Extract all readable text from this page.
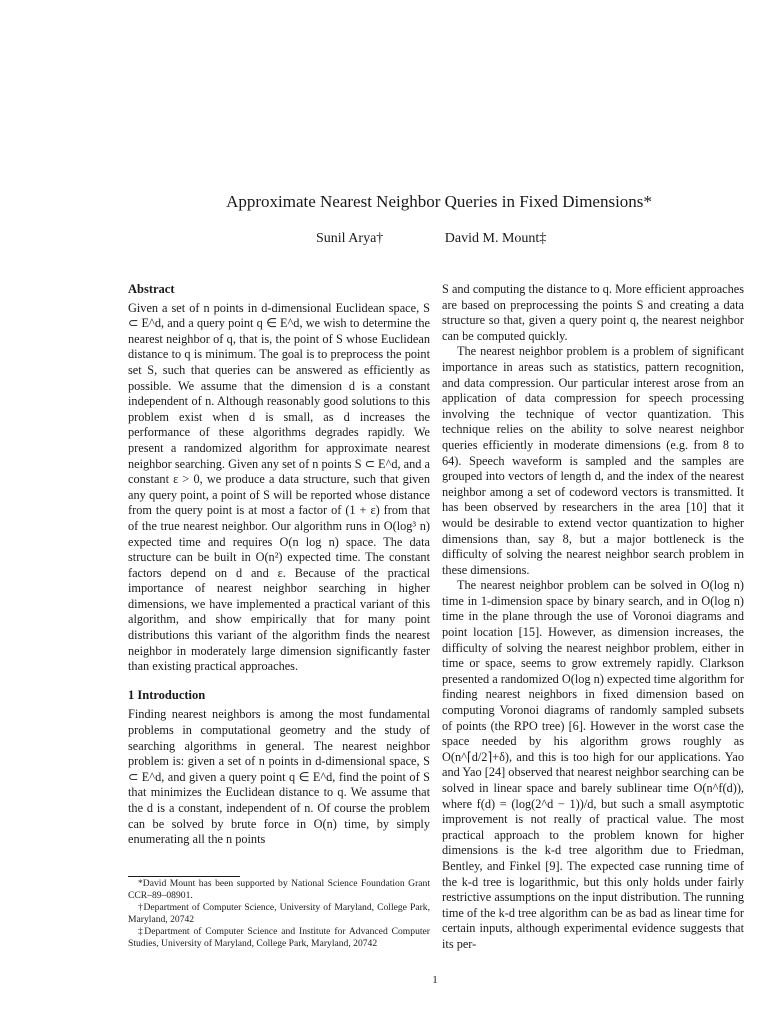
Approximate Nearest Neighbor Queries in Fixed Dimensions*
Sunil Arya†	David M. Mount‡
Abstract

Given a set of n points in d-dimensional Euclidean space, S ⊂ E^d, and a query point q ∈ E^d, we wish to determine the nearest neighbor of q, that is, the point of S whose Euclidean distance to q is minimum. The goal is to preprocess the point set S, such that queries can be answered as efficiently as possible. We assume that the dimension d is a constant independent of n. Although reasonably good solutions to this problem exist when d is small, as d increases the performance of these algorithms degrades rapidly. We present a randomized algorithm for approximate nearest neighbor searching. Given any set of n points S ⊂ E^d, and a constant ε > 0, we produce a data structure, such that given any query point, a point of S will be reported whose distance from the query point is at most a factor of (1 + ε) from that of the true nearest neighbor. Our algorithm runs in O(log³ n) expected time and requires O(n log n) space. The data structure can be built in O(n²) expected time. The constant factors depend on d and ε. Because of the practical importance of nearest neighbor searching in higher dimensions, we have implemented a practical variant of this algorithm, and show empirically that for many point distributions this variant of the algorithm finds the nearest neighbor in moderately large dimension significantly faster than existing practical approaches.

1 Introduction

Finding nearest neighbors is among the most fundamental problems in computational geometry and the study of searching algorithms in general. The nearest neighbor problem is: given a set of n points in d-dimensional space, S ⊂ E^d, and given a query point q ∈ E^d, find the point of S that minimizes the Euclidean distance to q. We assume that the d is a constant, independent of n. Of course the problem can be solved by brute force in O(n) time, by simply enumerating all the n points

S and computing the distance to q. More efficient approaches are based on preprocessing the points S and creating a data structure so that, given a query point q, the nearest neighbor can be computed quickly.

The nearest neighbor problem is a problem of significant importance in areas such as statistics, pattern recognition, and data compression. Our particular interest arose from an application of data compression for speech processing involving the technique of vector quantization. This technique relies on the ability to solve nearest neighbor queries efficiently in moderate dimensions (e.g. from 8 to 64). Speech waveform is sampled and the samples are grouped into vectors of length d, and the index of the nearest neighbor among a set of codeword vectors is transmitted. It has been observed by researchers in the area [10] that it would be desirable to extend vector quantization to higher dimensions than, say 8, but a major bottleneck is the difficulty of solving the nearest neighbor search problem in these dimensions.

The nearest neighbor problem can be solved in O(log n) time in 1-dimension space by binary search, and in O(log n) time in the plane through the use of Voronoi diagrams and point location [15]. However, as dimension increases, the difficulty of solving the nearest neighbor problem, either in time or space, seems to grow extremely rapidly. Clarkson presented a randomized O(log n) expected time algorithm for finding nearest neighbors in fixed dimension based on computing Voronoi diagrams of randomly sampled subsets of points (the RPO tree) [6]. However in the worst case the space needed by his algorithm grows roughly as O(n^⌈d/2⌉+δ), and this is too high for our applications. Yao and Yao [24] observed that nearest neighbor searching can be solved in linear space and barely sublinear time O(n^f(d)), where f(d) = (log(2^d − 1))/d, but such a small asymptotic improvement is not really of practical value. The most practical approach to the problem known for higher dimensions is the k-d tree algorithm due to Friedman, Bentley, and Finkel [9]. The expected case running time of the k-d tree is logarithmic, but this only holds under fairly restrictive assumptions on the input distribution. The running time of the k-d tree algorithm can be as bad as linear time for certain inputs, although experimental evidence suggests that its per-

*David Mount has been supported by National Science Foundation Grant CCR–89–08901.

†Department of Computer Science, University of Maryland, College Park, Maryland, 20742

‡Department of Computer Science and Institute for Advanced Computer Studies, University of Maryland, College Park, Maryland, 20742

1
